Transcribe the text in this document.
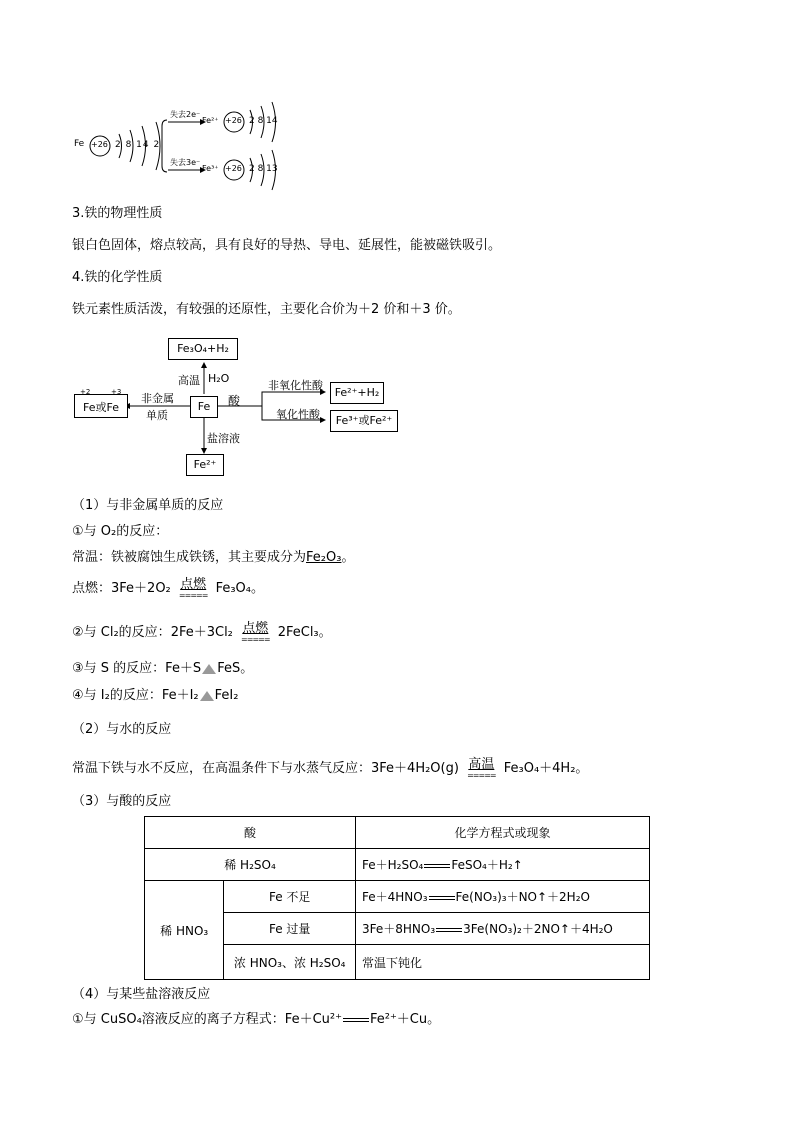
Fe +26 2 8 14 2
失去2e⁻
失去3e⁻
Fe²⁺ +26 2 8 14
Fe³⁺ +26 2 8 13
3.铁的物理性质
银白色固体，熔点较高，具有良好的导热、导电、延展性，能被磁铁吸引。
4.铁的化学性质
铁元素性质活泼，有较强的还原性，主要化合价为＋2 价和＋3 价。
Fe
Fe₃O₄+H₂
高温 H₂O
Fe或Fe
+2	+3 非金属
单质
酸
非氧化性酸
Fe²⁺+H₂
氧化性酸	Fe³⁺或Fe²⁺
盐溶液
Fe²⁺
（1）与非金属单质的反应
①与 O₂的反应：
常温：铁被腐蚀生成铁锈，其主要成分为Fe₂O₃。
点燃：3Fe＋2O₂ 点燃
===== Fe₃O₄。
②与 Cl₂的反应：2Fe＋3Cl₂ 点燃
===== 2FeCl₃。
③与 S 的反应：Fe＋S FeS。
④与 I₂的反应：Fe＋I₂ FeI₂
（2）与水的反应
常温下铁与水不反应，在高温条件下与水蒸气反应：3Fe＋4H₂O(g) 高温
===== Fe₃O₄＋4H₂。
（3）与酸的反应
酸		化学方程式或现象
稀 H₂SO₄		Fe＋H₂SO₄ FeSO₄＋H₂↑
稀 HNO₃	Fe 不足	Fe＋4HNO₃ Fe(NO₃)₃＋NO↑＋2H₂O
	Fe 过量	3Fe＋8HNO₃ 3Fe(NO₃)₂＋2NO↑＋4H₂O
	浓 HNO₃、浓 H₂SO₄	常温下钝化
（4）与某些盐溶液反应
①与 CuSO₄溶液反应的离子方程式：Fe＋Cu²⁺ Fe²⁺＋Cu。
